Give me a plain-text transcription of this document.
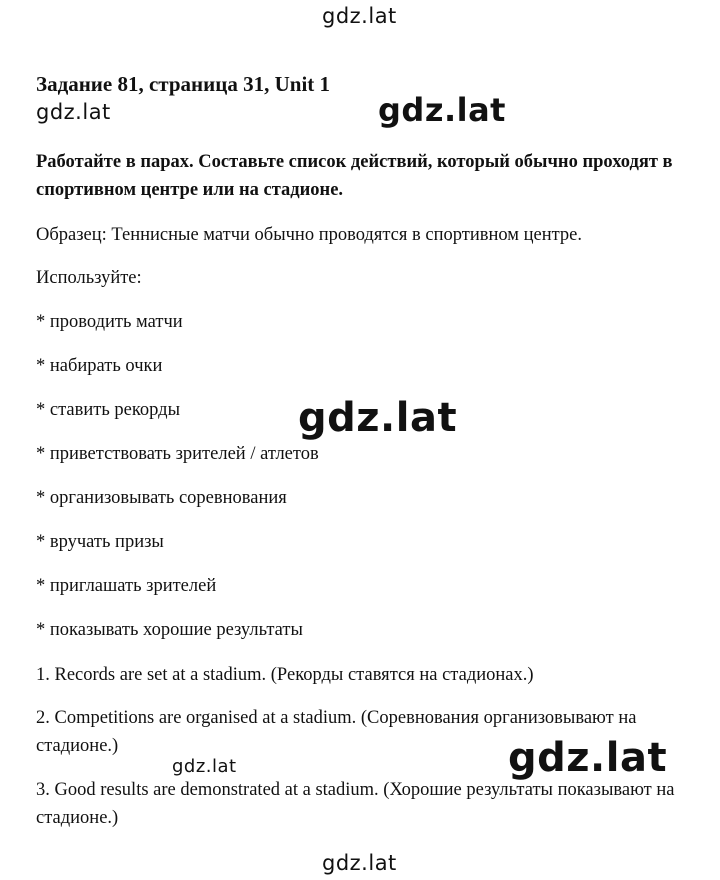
Задание 81, страница 31, Unit 1
Работайте в парах. Составьте список действий, который обычно проходят в спортивном центре или на стадионе.
Образец: Теннисные матчи обычно проводятся в спортивном центре.
Используйте:
* проводить матчи
* набирать очки
* ставить рекорды
* приветствовать зрителей / атлетов
* организовывать соревнования
* вручать призы
* приглашать зрителей
* показывать хорошие результаты
1. Records are set at a stadium. (Рекорды ставятся на стадионах.)
2. Competitions are organised at a stadium. (Соревнования организовывают на стадионе.)
3. Good results are demonstrated at a stadium. (Хорошие результаты показывают на стадионе.)
gdz.lat
gdz.lat	gdz.lat
gdz.lat
gdz.lat
gdz.lat
gdz.lat
